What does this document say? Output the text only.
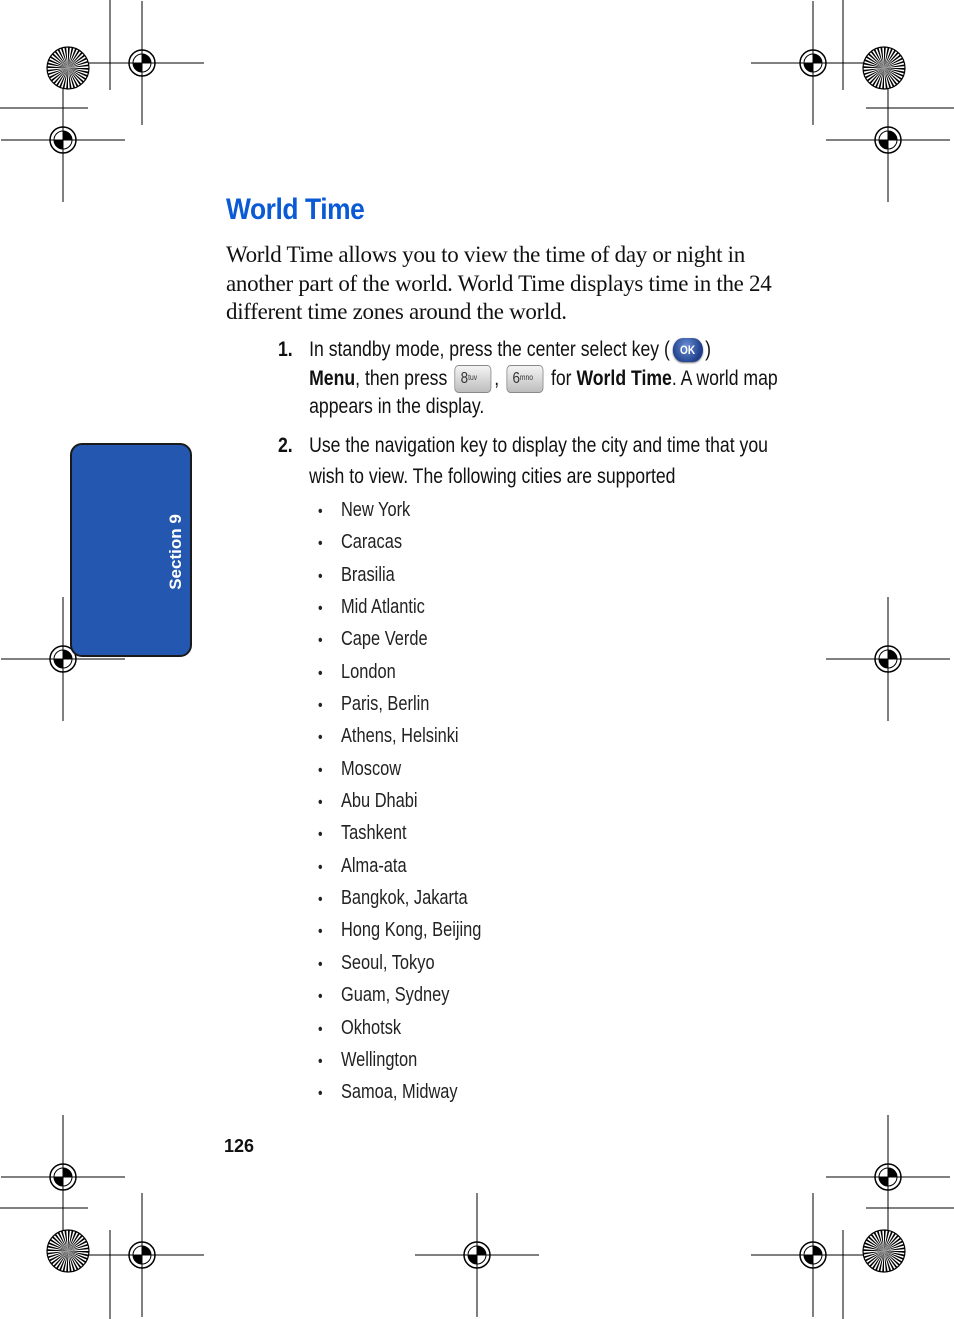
Section 9
World Time
World Time allows you to view the time of day or night in another part of the world. World Time displays time in the 24 different time zones around the world.
1. In standby mode, press the center select key ( OK )
Menu, then press 8tuv , 6mno for World Time. A world map appears in the display.
2. Use the navigation key to display the city and time that you wish to view. The following cities are supported
• New York
• Caracas
• Brasilia
• Mid Atlantic
• Cape Verde
• London
• Paris, Berlin
• Athens, Helsinki
• Moscow
• Abu Dhabi
• Tashkent
• Alma-ata
• Bangkok, Jakarta
• Hong Kong, Beijing
• Seoul, Tokyo
• Guam, Sydney
• Okhotsk
• Wellington
• Samoa, Midway
126
